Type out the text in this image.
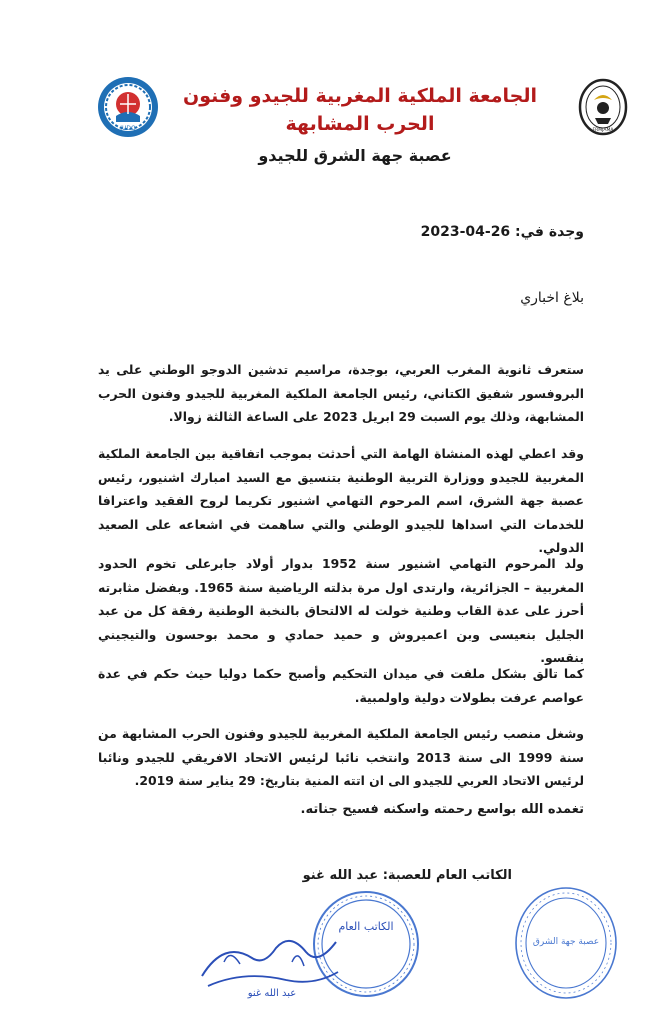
JUDO	FRMJAMA
الجامعة الملكية المغربية للجيدو وفنون الحرب المشابهة
عصبة جهة الشرق للجيدو
وجدة في: 26-04-2023
بلاغ اخباري
ستعرف ثانوية المغرب العربي، بوجدة، مراسيم تدشين الدوجو الوطني على يد البروفسور شفيق الكتاني، رئيس الجامعة الملكية المغربية للجيدو وفنون الحرب المشابهة، وذلك يوم السبت 29 ابريل 2023 على الساعة الثالثة زوالا.
وقد اعطي لهذه المنشاة الهامة التي أحدثت بموجب اتفاقية بين الجامعة الملكية المغربية للجيدو ووزارة التربية الوطنية بتنسيق مع السيد امبارك اشنيور، رئيس عصبة جهة الشرق، اسم المرحوم التهامي اشنيور تكريما لروح الفقيد واعترافا للخدمات التي اسداها للجيدو الوطني والتي ساهمت في اشعاعه على الصعيد الدولي.
ولد المرحوم التهامي اشنيور سنة 1952 بدوار أولاد جابرعلى تخوم الحدود المغربية – الجزائرية، وارتدى اول مرة بذلته الرياضية سنة 1965. وبفضل مثابرته أحرز على عدة القاب وطنية خولت له الالتحاق بالنخبة الوطنية رفقة كل من عبد الجليل بنعيسى وبن اعميروش و حميد حمادي و محمد بوحسون والتيجيني بنقسو.
كما تالق بشكل ملفت في ميدان التحكيم وأصبح حكما دوليا حيث حكم في عدة عواصم عرفت بطولات دولية واولمبية.
وشغل منصب رئيس الجامعة الملكية المغربية للجيدو وفنون الحرب المشابهة من سنة 1999 الى سنة 2013 وانتخب نائبا لرئيس الاتحاد الافريقي للجيدو ونائبا لرئيس الاتحاد العربي للجيدو الى ان اتته المنية بتاريخ: 29 يناير سنة 2019.
تغمده الله بواسع رحمته واسكنه فسيح جناته.
الكاتب العام للعصبة: عبد الله غنو
الكاتب العام
عبد الله غنو
عصبة جهة الشرق
